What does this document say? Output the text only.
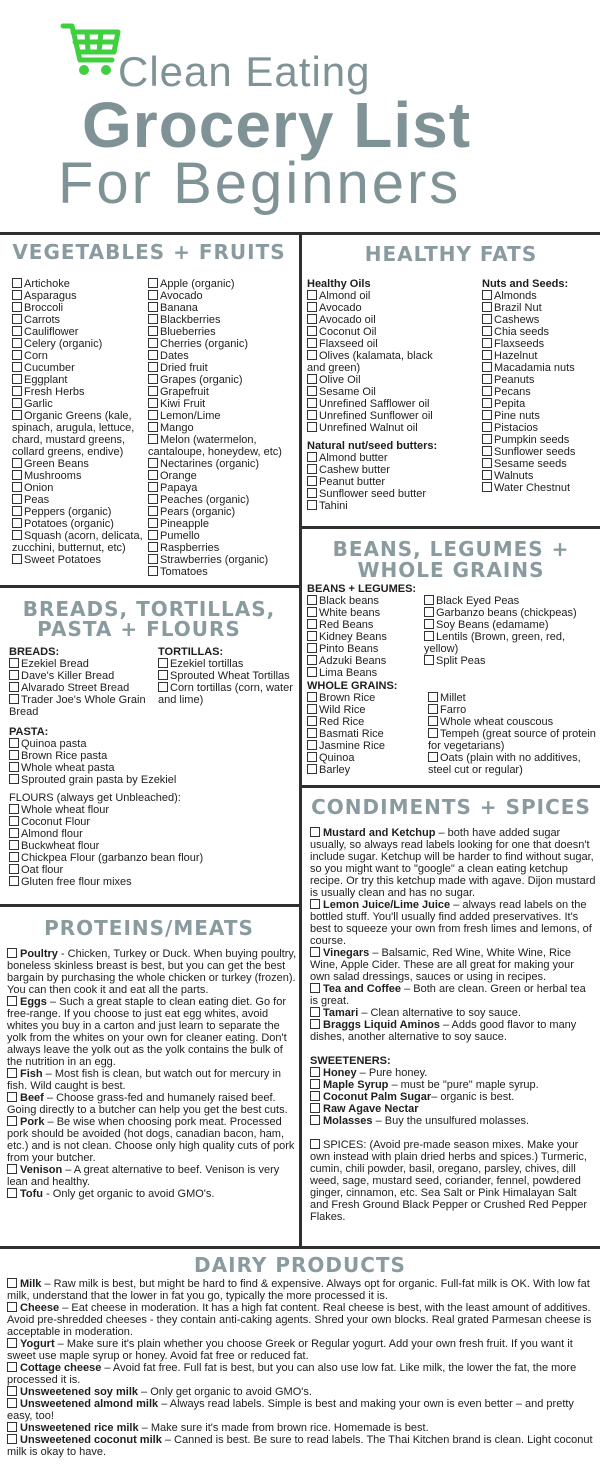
Clean Eating
Grocery List
For Beginners
VEGETABLES + FRUITS
Artichoke
Asparagus
Broccoli
Carrots
Cauliflower
Celery (organic)
Corn
Cucumber
Eggplant
Fresh Herbs
Garlic
Organic Greens (kale, spinach, arugula, lettuce, chard, mustard greens, collard greens, endive)
Green Beans
Mushrooms
Onion
Peas
Peppers (organic)
Potatoes (organic)
Squash (acorn, delicata, zucchini, butternut, etc)
Sweet Potatoes
Apple (organic)
Avocado
Banana
Blackberries
Blueberries
Cherries (organic)
Dates
Dried fruit
Grapes (organic)
Grapefruit
Kiwi Fruit
Lemon/Lime
Mango
Melon (watermelon, cantaloupe, honeydew, etc)
Nectarines (organic)
Orange
Papaya
Peaches (organic)
Pears (organic)
Pineapple
Pumello
Raspberries
Strawberries (organic)
Tomatoes
HEALTHY FATS
Healthy Oils
Almond oil
Avocado
Avocado oil
Coconut Oil
Flaxseed oil
Olives (kalamata, black and green)
Olive Oil
Sesame Oil
Unrefined Safflower oil
Unrefined Sunflower oil
Unrefined Walnut oil
Natural nut/seed butters:
Almond butter
Cashew butter
Peanut butter
Sunflower seed butter
Tahini
Nuts and Seeds:
Almonds
Brazil Nut
Cashews
Chia seeds
Flaxseeds
Hazelnut
Macadamia nuts
Peanuts
Pecans
Pepita
Pine nuts
Pistacios
Pumpkin seeds
Sunflower seeds
Sesame seeds
Walnuts
Water Chestnut
BEANS, LEGUMES +
WHOLE GRAINS
BEANS + LEGUMES:
Black beans
White beans
Red Beans
Kidney Beans
Pinto Beans
Adzuki Beans
Lima Beans
Black Eyed Peas
Garbanzo beans (chickpeas)
Soy Beans (edamame)
Lentils (Brown, green, red, yellow)
Split Peas
WHOLE GRAINS:
Brown Rice
Wild Rice
Red Rice
Basmati Rice
Jasmine Rice
Quinoa
Barley
Millet
Farro
Whole wheat couscous
Tempeh (great source of protein for vegetarians)
Oats (plain with no additives, steel cut or regular)
BREADS, TORTILLAS,
PASTA + FLOURS
BREADS:
Ezekiel Bread
Dave's Killer Bread
Alvarado Street Bread
Trader Joe's Whole Grain Bread
TORTILLAS:
Ezekiel tortillas
Sprouted Wheat Tortillas
Corn tortillas (corn, water and lime)
PASTA:
Quinoa pasta
Brown Rice pasta
Whole wheat pasta
Sprouted grain pasta by Ezekiel
FLOURS (always get Unbleached):
Whole wheat flour
Coconut Flour
Almond flour
Buckwheat flour
Chickpea Flour (garbanzo bean flour)
Oat flour
Gluten free flour mixes
CONDIMENTS + SPICES

Mustard and Ketchup – both have added sugar usually, so always read labels looking for one that doesn't include sugar. Ketchup will be harder to find without sugar, so you might want to "google" a clean eating ketchup recipe. Or try this ketchup made with agave. Dijon mustard is usually clean and has no sugar.

Lemon Juice/Lime Juice – always read labels on the bottled stuff. You'll usually find added preservatives. It's best to squeeze your own from fresh limes and lemons, of course.

Vinegars – Balsamic, Red Wine, White Wine, Rice Wine, Apple Cider. These are all great for making your own salad dressings, sauces or using in recipes.

Tea and Coffee – Both are clean. Green or herbal tea is great.

Tamari – Clean alternative to soy sauce.

Braggs Liquid Aminos – Adds good flavor to many dishes, another alternative to soy sauce.

SWEETENERS:

Honey – Pure honey.

Maple Syrup – must be "pure" maple syrup.

Coconut Palm Sugar– organic is best.

Raw Agave Nectar

Molasses – Buy the unsulfured molasses.

SPICES: (Avoid pre-made season mixes. Make your own instead with plain dried herbs and spices.) Turmeric, cumin, chili powder, basil, oregano, parsley, chives, dill weed, sage, mustard seed, coriander, fennel, powdered ginger, cinnamon, etc. Sea Salt or Pink Himalayan Salt and Fresh Ground Black Pepper or Crushed Red Pepper Flakes.

PROTEINS/MEATS

Poultry - Chicken, Turkey or Duck. When buying poultry, boneless skinless breast is best, but you can get the best bargain by purchasing the whole chicken or turkey (frozen). You can then cook it and eat all the parts.

Eggs – Such a great staple to clean eating diet. Go for free-range. If you choose to just eat egg whites, avoid whites you buy in a carton and just learn to separate the yolk from the whites on your own for cleaner eating. Don't always leave the yolk out as the yolk contains the bulk of the nutrition in an egg.

Fish – Most fish is clean, but watch out for mercury in fish. Wild caught is best.

Beef – Choose grass-fed and humanely raised beef. Going directly to a butcher can help you get the best cuts.

Pork – Be wise when choosing pork meat. Processed pork should be avoided (hot dogs, canadian bacon, ham, etc.) and is not clean. Choose only high quality cuts of pork from your butcher.

Venison – A great alternative to beef. Venison is very lean and healthy.

Tofu - Only get organic to avoid GMO's.

DAIRY PRODUCTS

Milk – Raw milk is best, but might be hard to find & expensive. Always opt for organic. Full-fat milk is OK. With low fat milk, understand that the lower in fat you go, typically the more processed it is.

Cheese – Eat cheese in moderation. It has a high fat content. Real cheese is best, with the least amount of additives. Avoid pre-shredded cheeses - they contain anti-caking agents. Shred your own blocks. Real grated Parmesan cheese is acceptable in moderation.

Yogurt – Make sure it's plain whether you choose Greek or Regular yogurt. Add your own fresh fruit. If you want it sweet use maple syrup or honey. Avoid fat free or reduced fat.

Cottage cheese – Avoid fat free. Full fat is best, but you can also use low fat. Like milk, the lower the fat, the more processed it is.

Unsweetened soy milk – Only get organic to avoid GMO's.

Unsweetened almond milk – Always read labels. Simple is best and making your own is even better – and pretty easy, too!

Unsweetened rice milk – Make sure it's made from brown rice. Homemade is best.

Unsweetened coconut milk – Canned is best. Be sure to read labels. The Thai Kitchen brand is clean. Light coconut milk is okay to have.
